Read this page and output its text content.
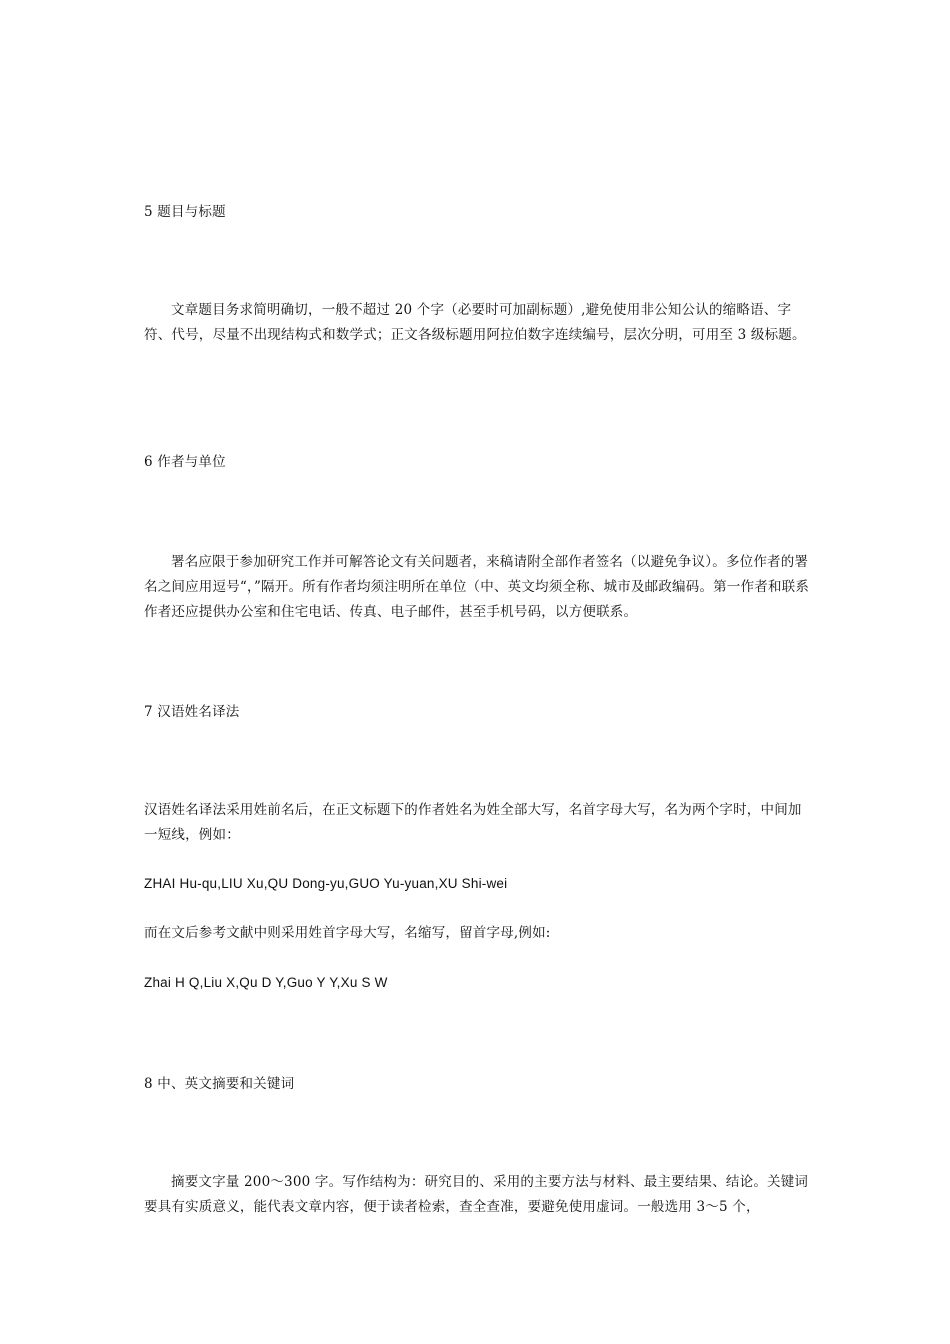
5 题目与标题

文章题目务求简明确切，一般不超过 20 个字（必要时可加副标题）,避免使用非公知公认的缩略语、字符、代号，尽量不出现结构式和数学式；正文各级标题用阿拉伯数字连续编号，层次分明，可用至 3 级标题。

6 作者与单位

署名应限于参加研究工作并可解答论文有关问题者，来稿请附全部作者签名（以避免争议）。多位作者的署名之间应用逗号“，”隔开。所有作者均须注明所在单位（中、英文均须全称、城市及邮政编码。第一作者和联系作者还应提供办公室和住宅电话、传真、电子邮件，甚至手机号码，以方便联系。

7 汉语姓名译法

汉语姓名译法采用姓前名后，在正文标题下的作者姓名为姓全部大写，名首字母大写，名为两个字时，中间加一短线，例如：

ZHAI Hu-qu,LIU Xu,QU Dong-yu,GUO Yu-yuan,XU Shi-wei
而在文后参考文献中则采用姓首字母大写，名缩写，留首字母,例如:
Zhai H Q,Liu X,Qu D Y,Guo Y Y,Xu S W
8 中、英文摘要和关键词

摘要文字量 200～300 字。写作结构为：研究目的、采用的主要方法与材料、最主要结果、结论。关键词要具有实质意义，能代表文章内容，便于读者检索，查全查准，要避免使用虚词。一般选用 3～5 个，
